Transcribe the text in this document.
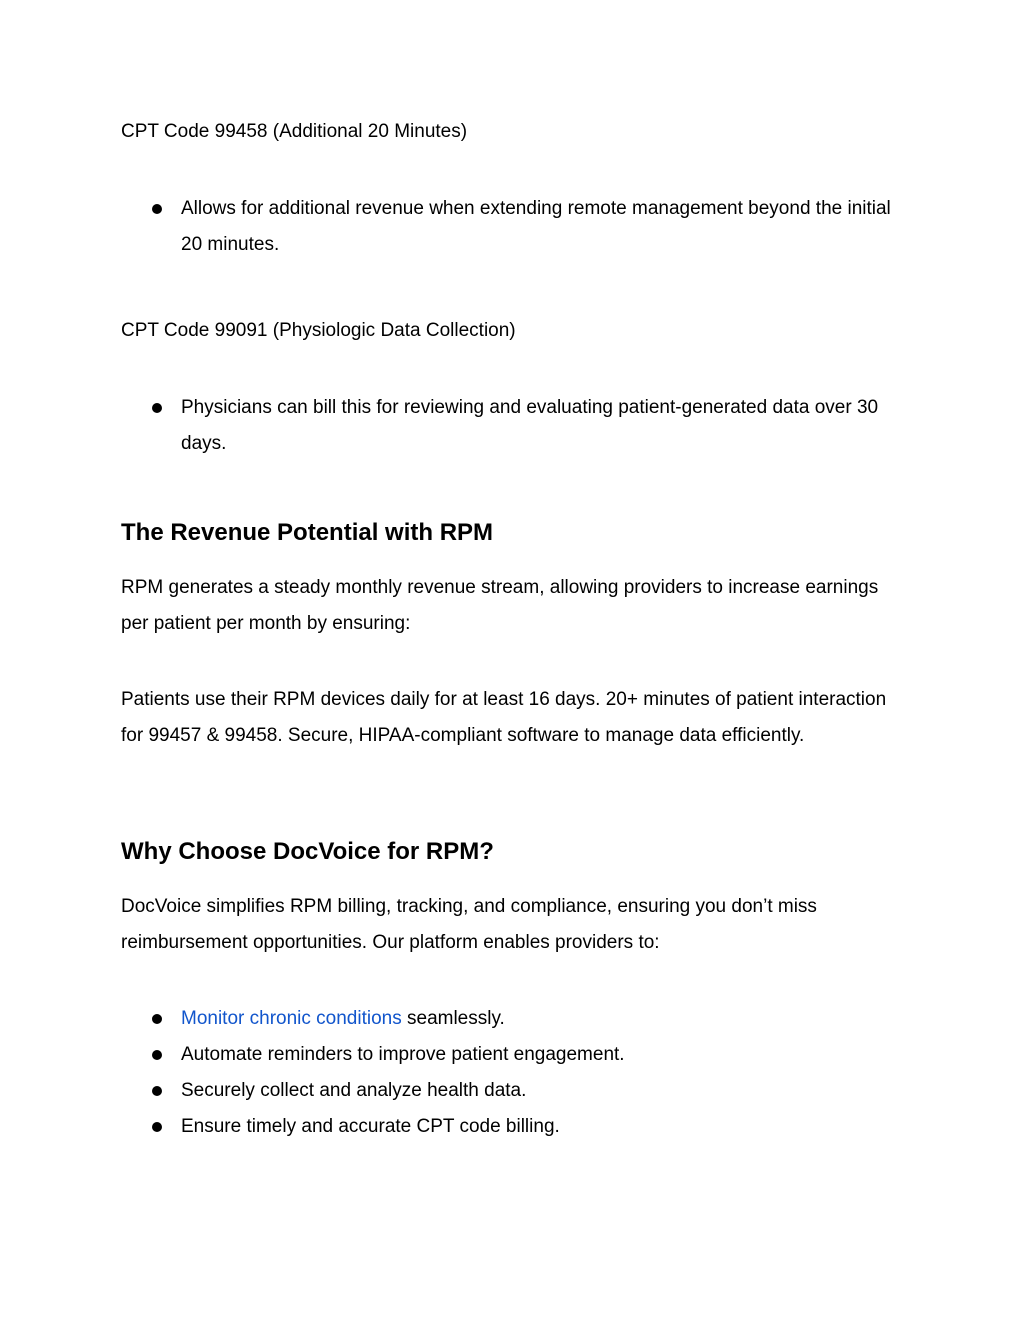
CPT Code 99458 (Additional 20 Minutes)

Allows for additional revenue when extending remote management beyond the initial 20 minutes.

CPT Code 99091 (Physiologic Data Collection)

Physicians can bill this for reviewing and evaluating patient-generated data over 30 days.
The Revenue Potential with RPM

RPM generates a steady monthly revenue stream, allowing providers to increase earnings per patient per month by ensuring:

Patients use their RPM devices daily for at least 16 days. 20+ minutes of patient interaction for 99457 & 99458. Secure, HIPAA-compliant software to manage data efficiently.

Why Choose DocVoice for RPM?

DocVoice simplifies RPM billing, tracking, and compliance, ensuring you don’t miss reimbursement opportunities. Our platform enables providers to:

Monitor chronic conditions seamlessly.
Automate reminders to improve patient engagement.
Securely collect and analyze health data.
Ensure timely and accurate CPT code billing.
